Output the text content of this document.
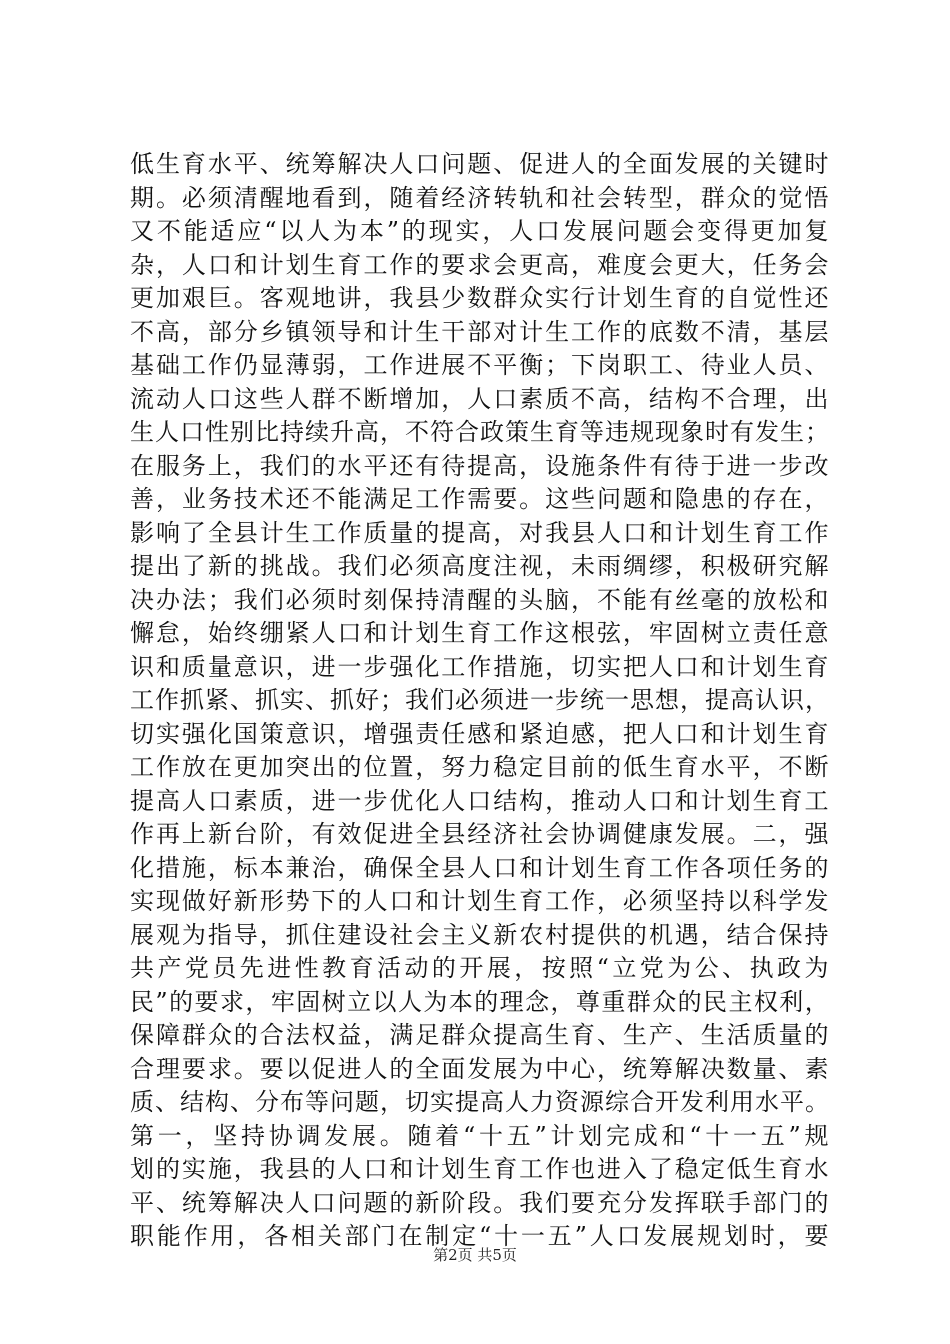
低生育水平、统筹解决人口问题、促进人的全面发展的关键时
期。必须清醒地看到，随着经济转轨和社会转型，群众的觉悟
又不能适应“以人为本”的现实，人口发展问题会变得更加复
杂，人口和计划生育工作的要求会更高，难度会更大，任务会
更加艰巨。客观地讲，我县少数群众实行计划生育的自觉性还
不高，部分乡镇领导和计生干部对计生工作的底数不清，基层
基础工作仍显薄弱，工作进展不平衡；下岗职工、待业人员、
流动人口这些人群不断增加，人口素质不高，结构不合理，出
生人口性别比持续升高，不符合政策生育等违规现象时有发生；
在服务上，我们的水平还有待提高，设施条件有待于进一步改
善，业务技术还不能满足工作需要。这些问题和隐患的存在，
影响了全县计生工作质量的提高，对我县人口和计划生育工作
提出了新的挑战。我们必须高度注视，未雨绸缪，积极研究解
决办法；我们必须时刻保持清醒的头脑，不能有丝毫的放松和
懈怠，始终绷紧人口和计划生育工作这根弦，牢固树立责任意
识和质量意识，进一步强化工作措施，切实把人口和计划生育
工作抓紧、抓实、抓好；我们必须进一步统一思想，提高认识，
切实强化国策意识，增强责任感和紧迫感，把人口和计划生育
工作放在更加突出的位置，努力稳定目前的低生育水平，不断
提高人口素质，进一步优化人口结构，推动人口和计划生育工
作再上新台阶，有效促进全县经济社会协调健康发展。二，强
化措施，标本兼治，确保全县人口和计划生育工作各项任务的
实现做好新形势下的人口和计划生育工作，必须坚持以科学发
展观为指导，抓住建设社会主义新农村提供的机遇，结合保持
共产党员先进性教育活动的开展，按照“立党为公、执政为
民”的要求，牢固树立以人为本的理念，尊重群众的民主权利，
保障群众的合法权益，满足群众提高生育、生产、生活质量的
合理要求。要以促进人的全面发展为中心，统筹解决数量、素
质、结构、分布等问题，切实提高人力资源综合开发利用水平。
第一，坚持协调发展。随着“十五”计划完成和“十一五”规
划的实施，我县的人口和计划生育工作也进入了稳定低生育水
平、统筹解决人口问题的新阶段。我们要充分发挥联手部门的
职能作用，各相关部门在制定“十一五”人口发展规划时，要
第2页 共5页
